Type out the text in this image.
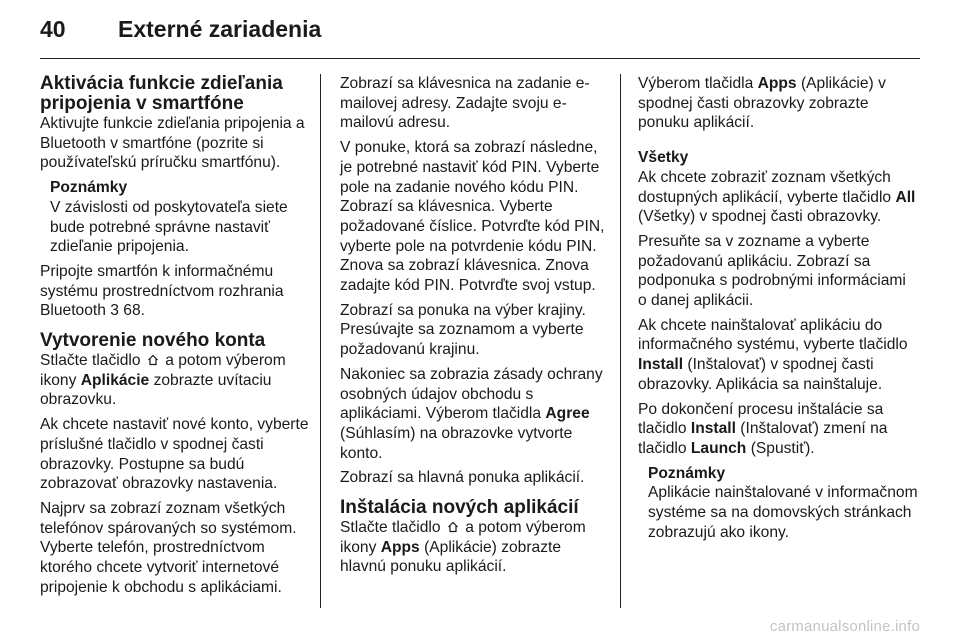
40 Externé zariadenia
Aktivácia funkcie zdieľania pripojenia v smartfóne

Aktivujte funkcie zdieľania pripojenia a Bluetooth v smartfóne (pozrite si používateľskú príručku smartfónu).

Poznámky

V závislosti od poskytovateľa siete bude potrebné správne nastaviť zdieľanie pripojenia.

Pripojte smartfón k informačnému systému prostredníctvom rozhrania Bluetooth 3 68.

Vytvorenie nového konta

Stlačte tlačidlo a potom výberom ikony Aplikácie zobrazte uvítaciu obrazovku.

Ak chcete nastaviť nové konto, vyberte príslušné tlačidlo v spodnej časti obrazovky. Postupne sa budú zobrazovať obrazovky nastavenia.

Najprv sa zobrazí zoznam všetkých telefónov spárovaných so systémom. Vyberte telefón, prostredníctvom ktorého chcete vytvoriť internetové pripojenie k obchodu s aplikáciami.

Zobrazí sa klávesnica na zadanie e-mailovej adresy. Zadajte svoju e-mailovú adresu.

V ponuke, ktorá sa zobrazí následne, je potrebné nastaviť kód PIN. Vyberte pole na zadanie nového kódu PIN. Zobrazí sa klávesnica. Vyberte požadované číslice. Potvrďte kód PIN, vyberte pole na potvrdenie kódu PIN. Znova sa zobrazí klávesnica. Znova zadajte kód PIN. Potvrďte svoj vstup.

Zobrazí sa ponuka na výber krajiny. Presúvajte sa zoznamom a vyberte požadovanú krajinu.

Nakoniec sa zobrazia zásady ochrany osobných údajov obchodu s aplikáciami. Výberom tlačidla Agree (Súhlasím) na obrazovke vytvorte konto.

Zobrazí sa hlavná ponuka aplikácií.

Inštalácia nových aplikácií

Stlačte tlačidlo a potom výberom ikony Apps (Aplikácie) zobrazte hlavnú ponuku aplikácií.

Výberom tlačidla Apps (Aplikácie) v spodnej časti obrazovky zobrazte ponuku aplikácií.

Všetky

Ak chcete zobraziť zoznam všetkých dostupných aplikácií, vyberte tlačidlo All (Všetky) v spodnej časti obrazovky.

Presuňte sa v zozname a vyberte požadovanú aplikáciu. Zobrazí sa podponuka s podrobnými informáciami o danej aplikácii.

Ak chcete nainštalovať aplikáciu do informačného systému, vyberte tlačidlo Install (Inštalovať) v spodnej časti obrazovky. Aplikácia sa nainštaluje.

Po dokončení procesu inštalácie sa tlačidlo Install (Inštalovať) zmení na tlačidlo Launch (Spustiť).

Poznámky

Aplikácie nainštalované v informačnom systéme sa na domovských stránkach zobrazujú ako ikony.

carmanualsonline.info
